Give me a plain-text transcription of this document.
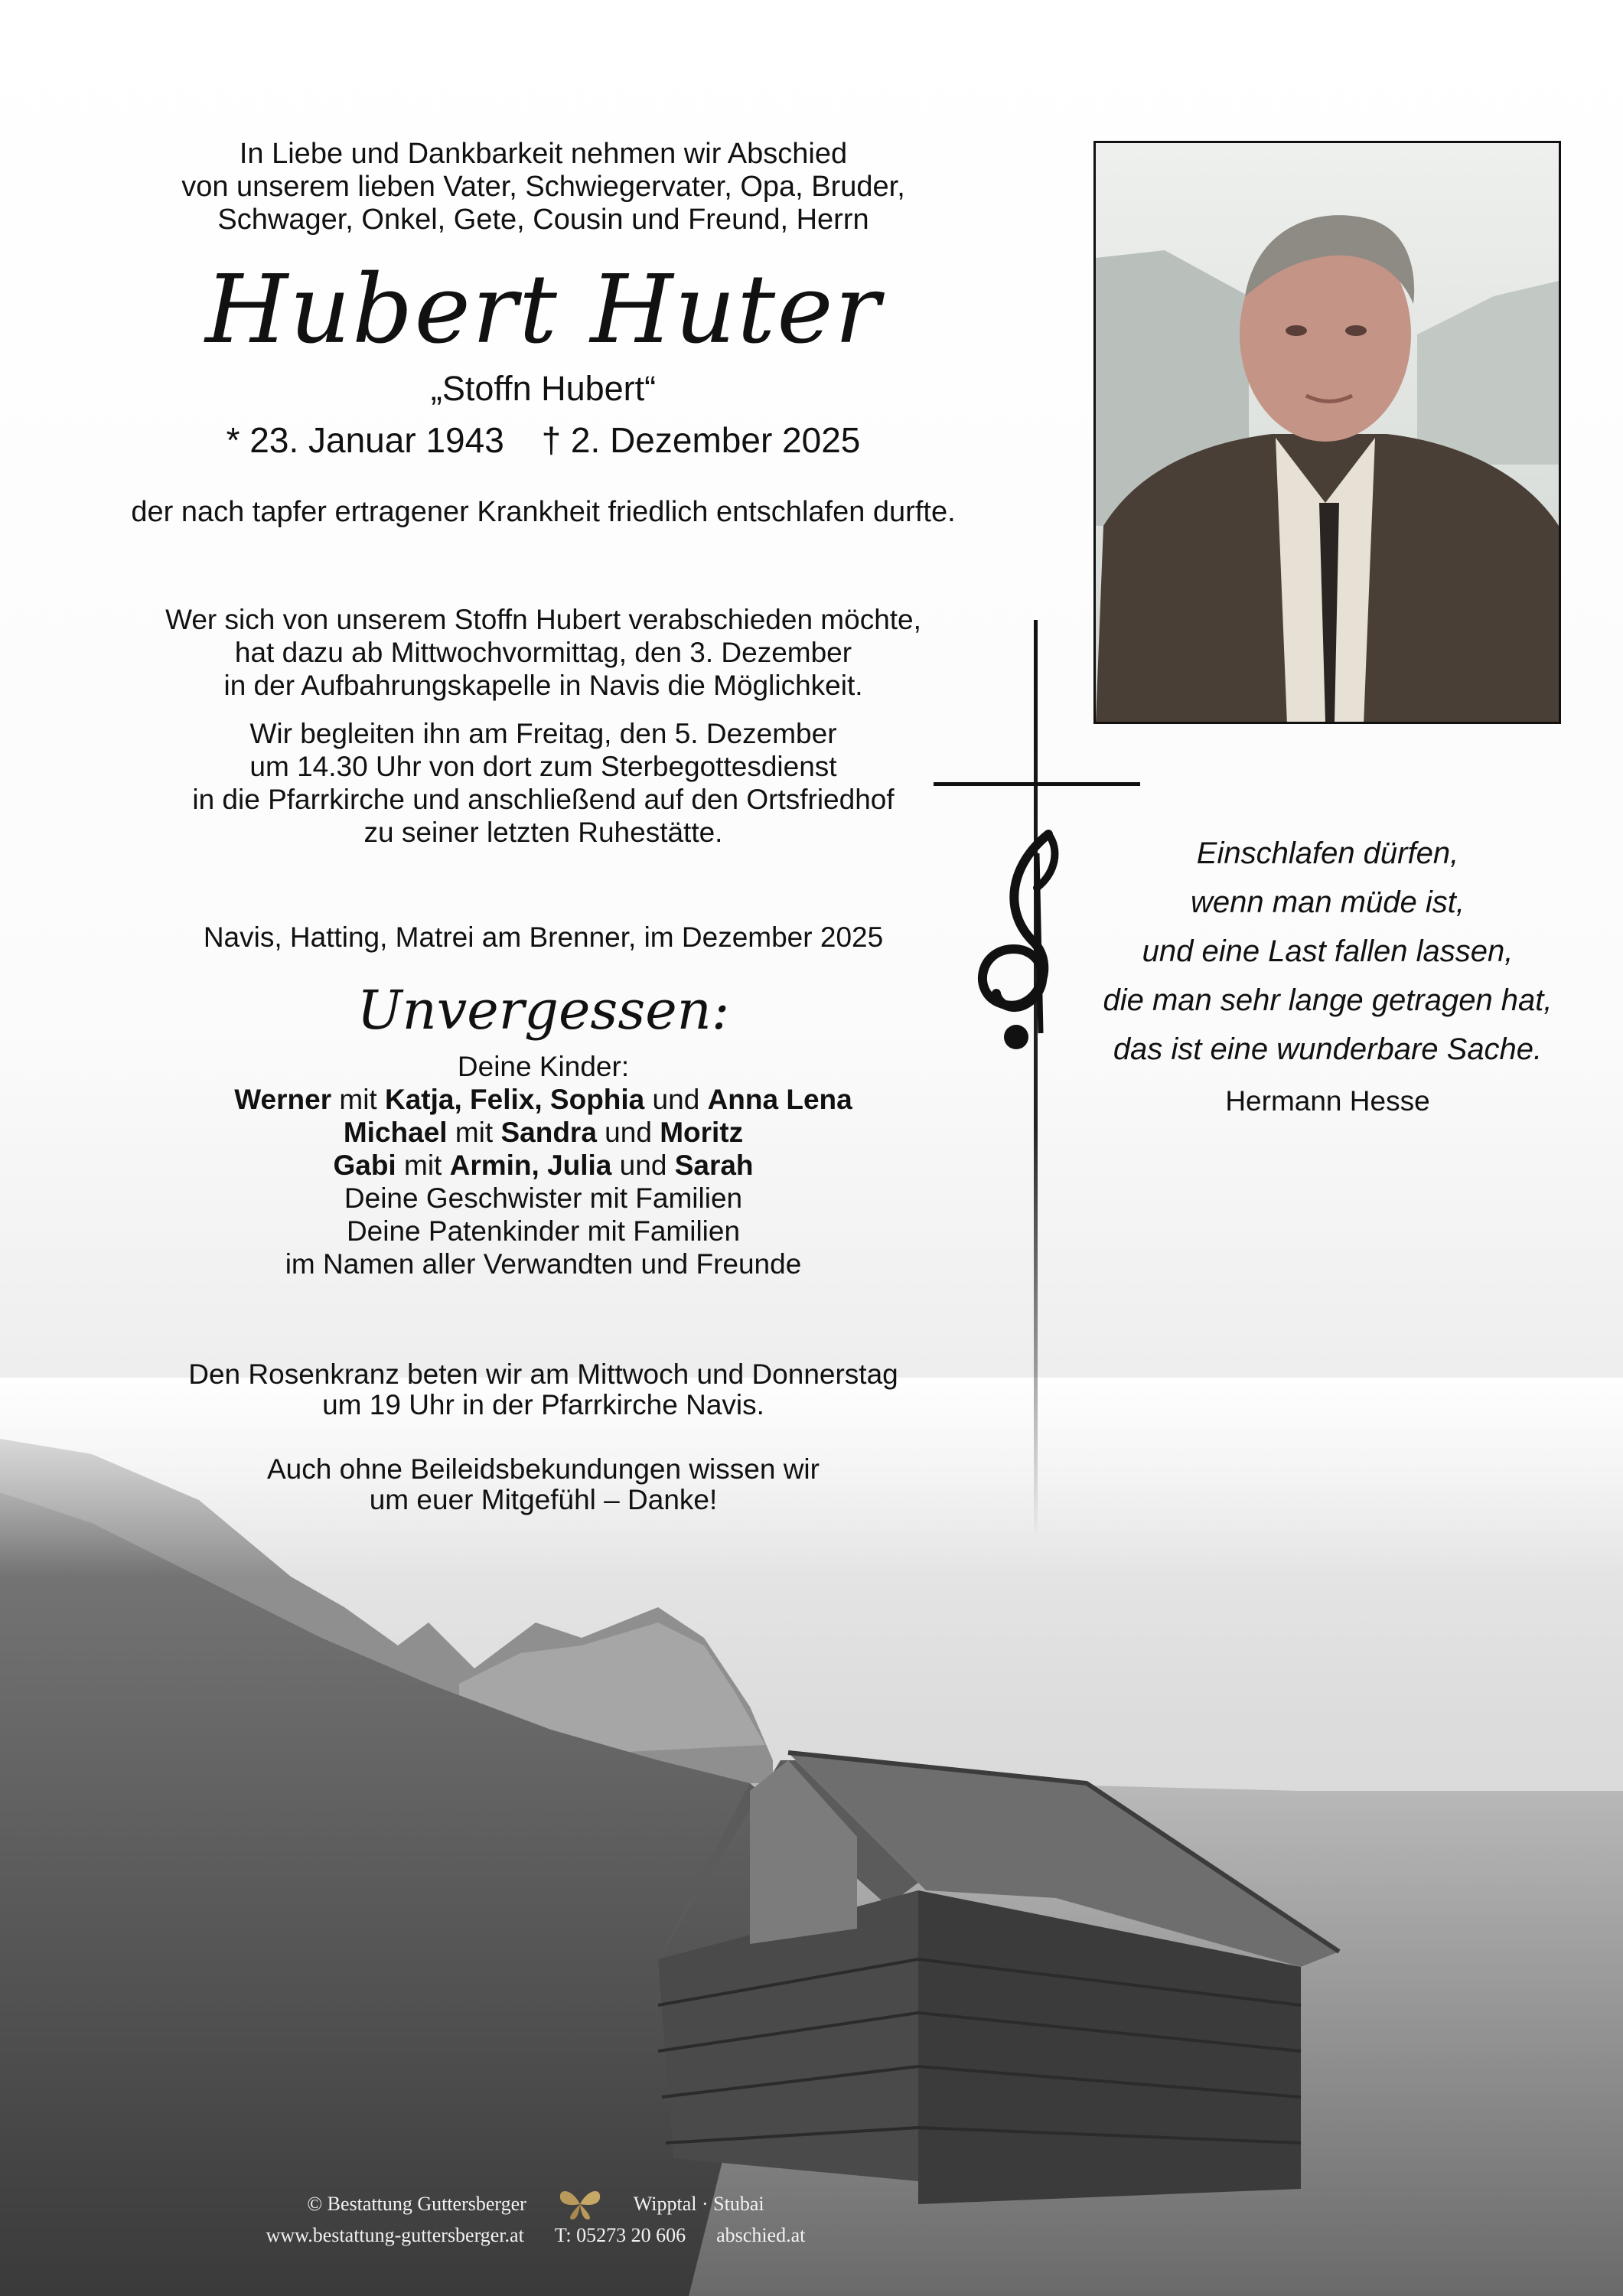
In Liebe und Dankbarkeit nehmen wir Abschied
von unserem lieben Vater, Schwiegervater, Opa, Bruder,
Schwager, Onkel, Gete, Cousin und Freund, Herrn
Hubert Huter
„Stoffn Hubert“
* 23. Januar 1943 † 2. Dezember 2025
der nach tapfer ertragener Krankheit friedlich entschlafen durfte.
Wer sich von unserem Stoffn Hubert verabschieden möchte,
hat dazu ab Mittwochvormittag, den 3. Dezember
in der Aufbahrungskapelle in Navis die Möglichkeit.
Wir begleiten ihn am Freitag, den 5. Dezember
um 14.30 Uhr von dort zum Sterbegottesdienst
in die Pfarrkirche und anschließend auf den Ortsfriedhof
zu seiner letzten Ruhestätte.
Navis, Hatting, Matrei am Brenner, im Dezember 2025
Unvergessen:
Deine Kinder:
Werner mit Katja, Felix, Sophia und Anna Lena
Michael mit Sandra und Moritz
Gabi mit Armin, Julia und Sarah
Deine Geschwister mit Familien
Deine Patenkinder mit Familien
im Namen aller Verwandten und Freunde
Den Rosenkranz beten wir am Mittwoch und Donnerstag
um 19 Uhr in der Pfarrkirche Navis.
Auch ohne Beileidsbekundungen wissen wir
um euer Mitgefühl – Danke!
Einschlafen dürfen,
wenn man müde ist,
und eine Last fallen lassen,
die man sehr lange getragen hat,
das ist eine wunderbare Sache.
Hermann Hesse
© Bestattung Guttersberger	Wipptal · Stubai
www.bestattung-guttersberger.at T: 05273 20 606 abschied.at
